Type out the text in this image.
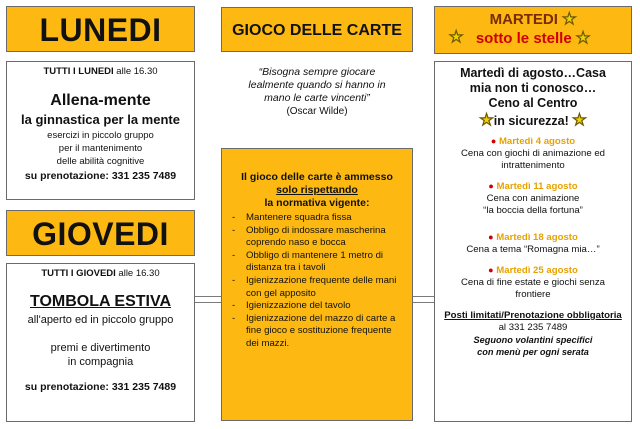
LUNEDI
TUTTI I LUNEDI alle 16.30
Allena-mente
la ginnastica per la mente
esercizi in piccolo gruppo
per il mantenimento
delle abilità cognitive
su prenotazione: 331 235 7489
GIOVEDI
TUTTI I GIOVEDI alle 16.30
TOMBOLA ESTIVA
all'aperto ed in piccolo gruppo
premi e divertimento
in compagnia
su prenotazione: 331 235 7489
GIOCO DELLE CARTE
“Bisogna sempre giocare
lealmente quando si hanno in
mano le carte vincenti”
(Oscar Wilde)
Il gioco delle carte è ammesso
solo rispettando
la normativa vigente:
- Mantenere squadra fissa
- Obbligo di indossare mascherina coprendo naso e bocca
- Obbligo di mantenere 1 metro di distanza tra i tavoli
- Igienizzazione frequente delle mani con gel apposito
- Igienizzazione del tavolo
- Igienizzazione del mazzo di carte a fine gioco e sostituzione frequente dei mazzi.
MARTEDI ★
★ sotto le stelle ★
Martedì di agosto…Casa
mia non ti conosco…
Ceno al Centro
★in sicurezza! ★
● Martedì 4 agosto
Cena con giochi di animazione ed
intrattenimento
● Martedì 11 agosto
Cena con animazione
“la boccia della fortuna”
● Martedì 18 agosto
Cena a tema “Romagna mia…”
● Martedì 25 agosto
Cena di fine estate e giochi senza
frontiere
Posti limitati/Prenotazione obbligatoria
al 331 235 7489
Seguono volantini specifici
con menù per ogni serata
